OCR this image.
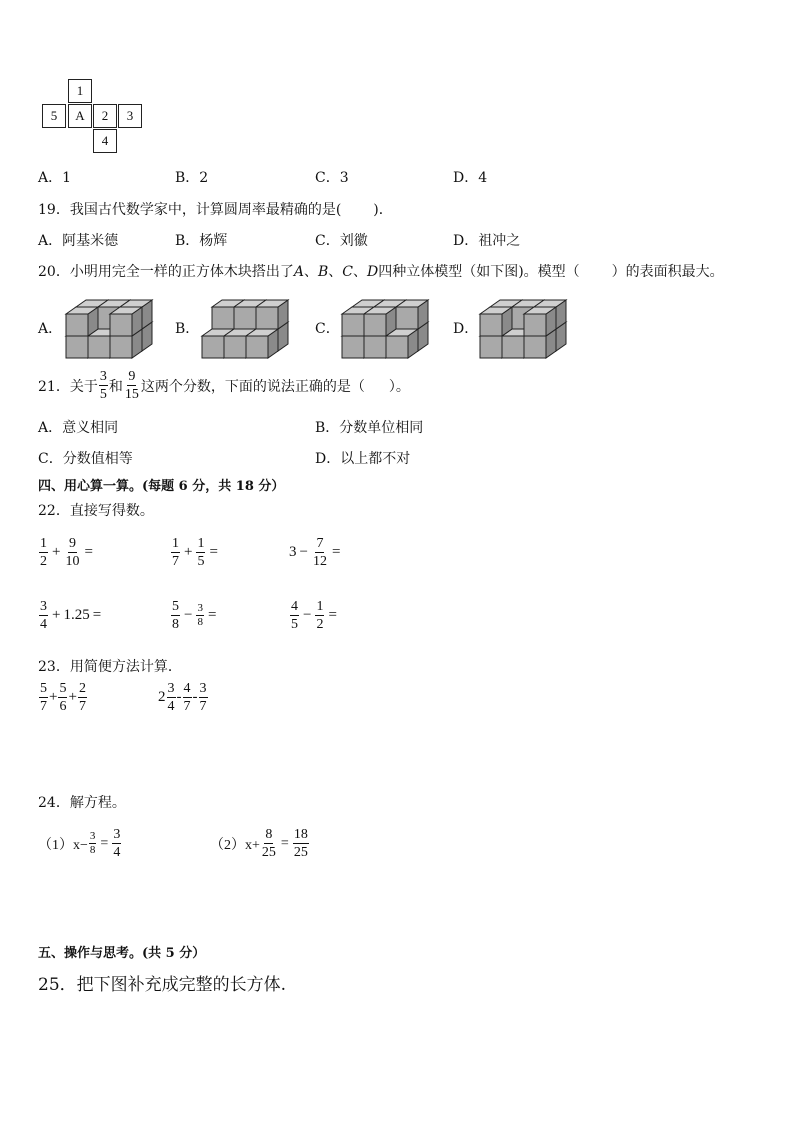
1
5	A	2	3
4
A．1	B．2	C．3	D．4
19．我国古代数学家中，计算圆周率最精确的是( )．
A．阿基米德	B．杨辉	C．刘徽	D．祖冲之
20．小明用完全一样的正方体木块搭出了A、B、C、D四种立体模型（如下图)。模型（ ）的表面积最大。
A．	B．	C．	D．
21．关于 $\frac{3}{5}$ 和 $\frac{9}{15}$ 这两个分数，下面的说法正确的是（ ）。
A．意义相同	B．分数单位相同
C．分数值相等	D．以上都不对
四、用心算一算。(每题 6 分，共 18 分）
22．直接写得数。
$\frac{1}{2} + \frac{9}{10}$ =	$\frac{1}{7} + \frac{1}{5}$ =	$3 - \frac{7}{12}$ =
$\frac{3}{4} + 1.25$ =	$\frac{5}{8} - \frac{3}{8}$ =	$\frac{4}{5} - \frac{1}{2}$ =
23．用简便方法计算．
$\frac{5}{7} + \frac{5}{6} + \frac{2}{7}$	$2 \frac{3}{4} - \frac{4}{7} - \frac{3}{7}$
24．解方程。
$(1)x- \frac{3}{8} = \frac{3}{4}$	$(2)x+ \frac{8}{25} = \frac{18}{25}$
五、操作与思考。(共 5 分）
25．把下图补充成完整的长方体.
